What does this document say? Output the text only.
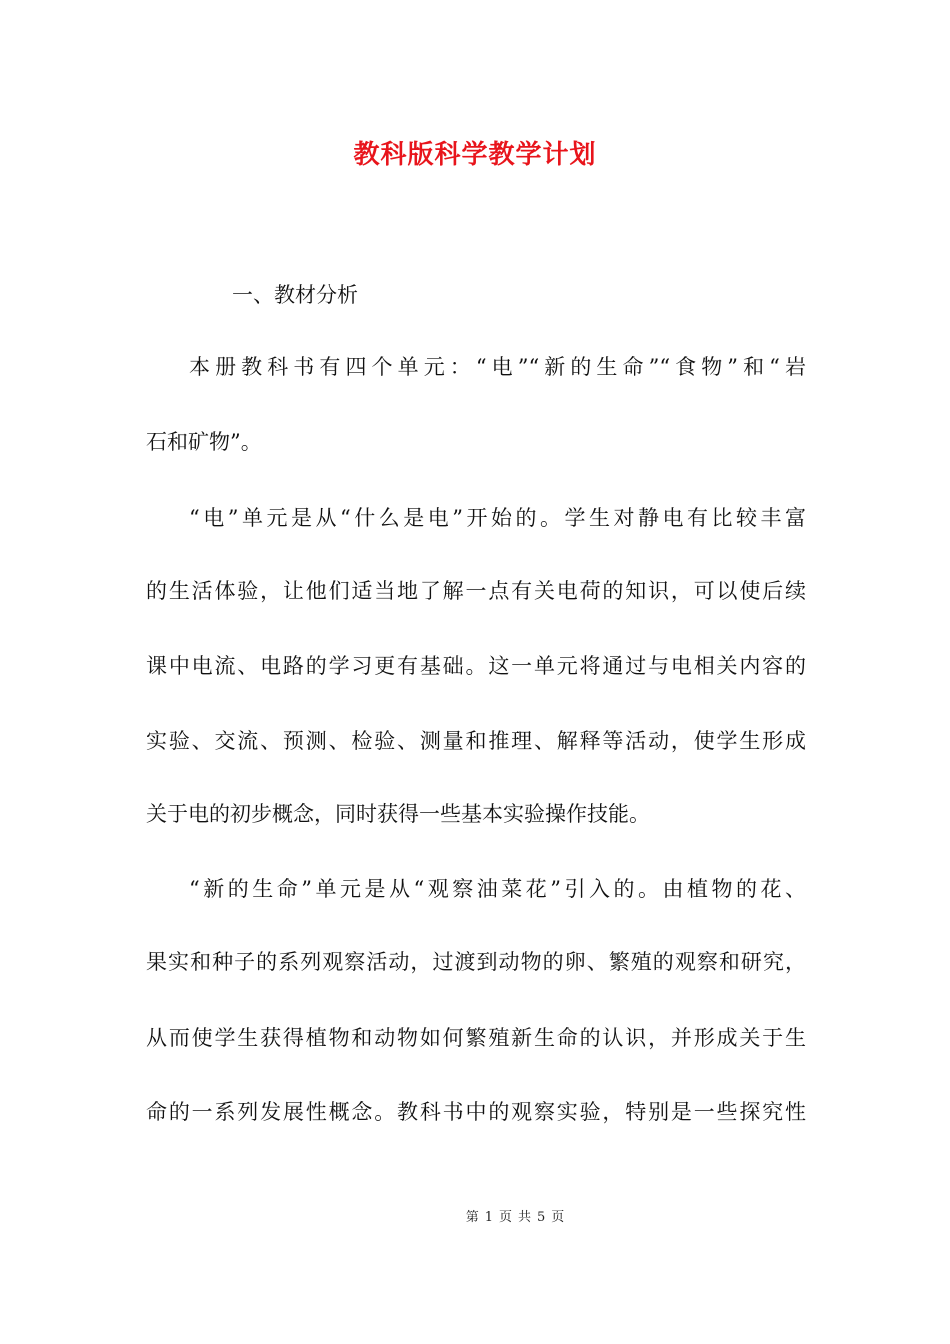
教科版科学教学计划
一、教材分析
本册教科书有四个单元：“电”“新的生命”“食物”和“岩
石和矿物”。
“电”单元是从“什么是电”开始的。学生对静电有比较丰富
的生活体验，让他们适当地了解一点有关电荷的知识，可以使后续
课中电流、电路的学习更有基础。这一单元将通过与电相关内容的
实验、交流、预测、检验、测量和推理、解释等活动，使学生形成
关于电的初步概念，同时获得一些基本实验操作技能。
“新的生命”单元是从“观察油菜花”引入的。由植物的花、
果实和种子的系列观察活动，过渡到动物的卵、繁殖的观察和研究，
从而使学生获得植物和动物如何繁殖新生命的认识，并形成关于生
命的一系列发展性概念。教科书中的观察实验，特别是一些探究性
第 1 页 共 5 页
